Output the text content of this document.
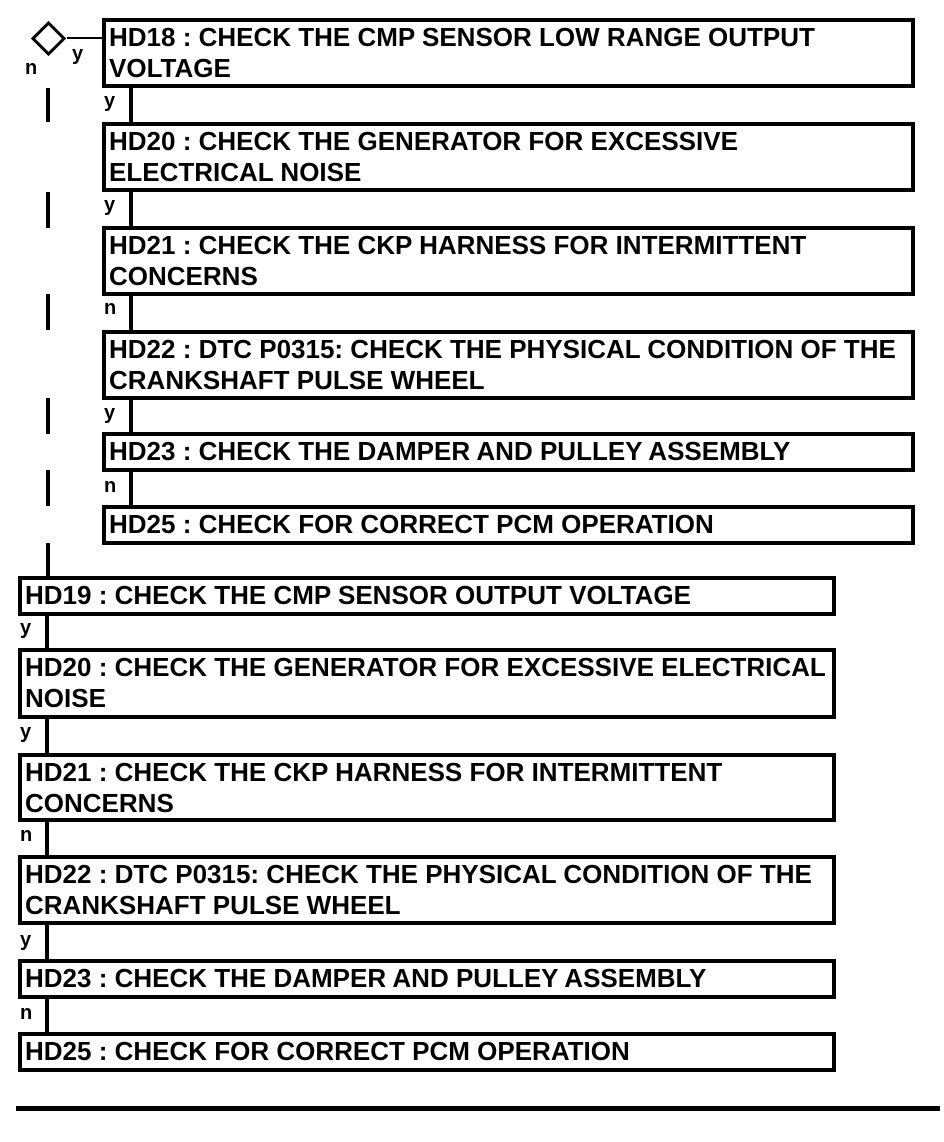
n
y

HD18 : CHECK THE CMP SENSOR LOW RANGE OUTPUT VOLTAGE

y

HD20 : CHECK THE GENERATOR FOR EXCESSIVE ELECTRICAL NOISE

y

HD21 : CHECK THE CKP HARNESS FOR INTERMITTENT CONCERNS

n

HD22 : DTC P0315: CHECK THE PHYSICAL CONDITION OF THE CRANKSHAFT PULSE WHEEL

y

HD23 : CHECK THE DAMPER AND PULLEY ASSEMBLY

n

HD25 : CHECK FOR CORRECT PCM OPERATION

HD19 : CHECK THE CMP SENSOR OUTPUT VOLTAGE

y

HD20 : CHECK THE GENERATOR FOR EXCESSIVE ELECTRICAL NOISE

y

HD21 : CHECK THE CKP HARNESS FOR INTERMITTENT CONCERNS

n

HD22 : DTC P0315: CHECK THE PHYSICAL CONDITION OF THE CRANKSHAFT PULSE WHEEL

y

HD23 : CHECK THE DAMPER AND PULLEY ASSEMBLY

n

HD25 : CHECK FOR CORRECT PCM OPERATION
